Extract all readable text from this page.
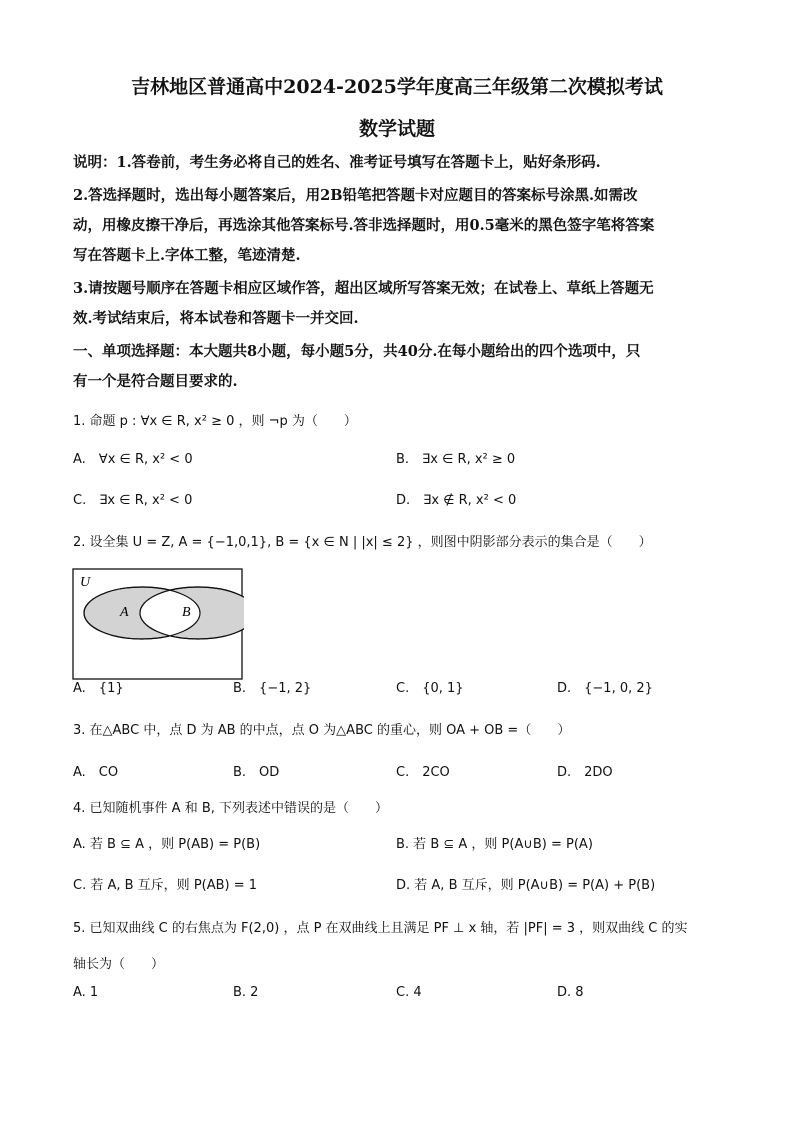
吉林地区普通高中2024-2025学年度高三年级第二次模拟考试
数学试题
说明：1.答卷前，考生务必将自己的姓名、准考证号填写在答题卡上，贴好条形码.
2.答选择题时，选出每小题答案后，用2B铅笔把答题卡对应题目的答案标号涂黑.如需改
动，用橡皮擦干净后，再选涂其他答案标号.答非选择题时，用0.5毫米的黑色签字笔将答案
写在答题卡上.字体工整，笔迹清楚.
3.请按题号顺序在答题卡相应区域作答，超出区域所写答案无效；在试卷上、草纸上答题无
效.考试结束后，将本试卷和答题卡一并交回.
一、单项选择题：本大题共8小题，每小题5分，共40分.在每小题给出的四个选项中，只
有一个是符合题目要求的.
1. 命题 p : ∀x ∈ R, x² ≥ 0 ，则 ¬p 为（　　）
A.　∀x ∈ R, x² < 0	B.　∃x ∈ R, x² ≥ 0
C.　∃x ∈ R, x² < 0	D.　∃x ∉ R, x² < 0
2. 设全集 U = Z, A = {−1,0,1}, B = {x ∈ N | |x| ≤ 2} ，则图中阴影部分表示的集合是（　　）
U
A	B
A.　{1}	B.　{−1, 2}	C.　{0, 1}	D.　{−1, 0, 2}
3. 在△ABC 中，点 D 为 AB 的中点，点 O 为△ABC 的重心，则 OA + OB =（　　）
A.　CO	B.　OD	C.　2CO	D.　2DO
4. 已知随机事件 A 和 B, 下列表述中错误的是（　　）
A. 若 B ⊆ A ，则 P(AB) = P(B)	B. 若 B ⊆ A ，则 P(A∪B) = P(A)
C. 若 A, B 互斥，则 P(AB) = 1	D. 若 A, B 互斥，则 P(A∪B) = P(A) + P(B)
5. 已知双曲线 C 的右焦点为 F(2,0) ，点 P 在双曲线上且满足 PF ⊥ x 轴，若 |PF| = 3 ，则双曲线 C 的实
轴长为（　　）
A. 1	B. 2	C. 4	D. 8
